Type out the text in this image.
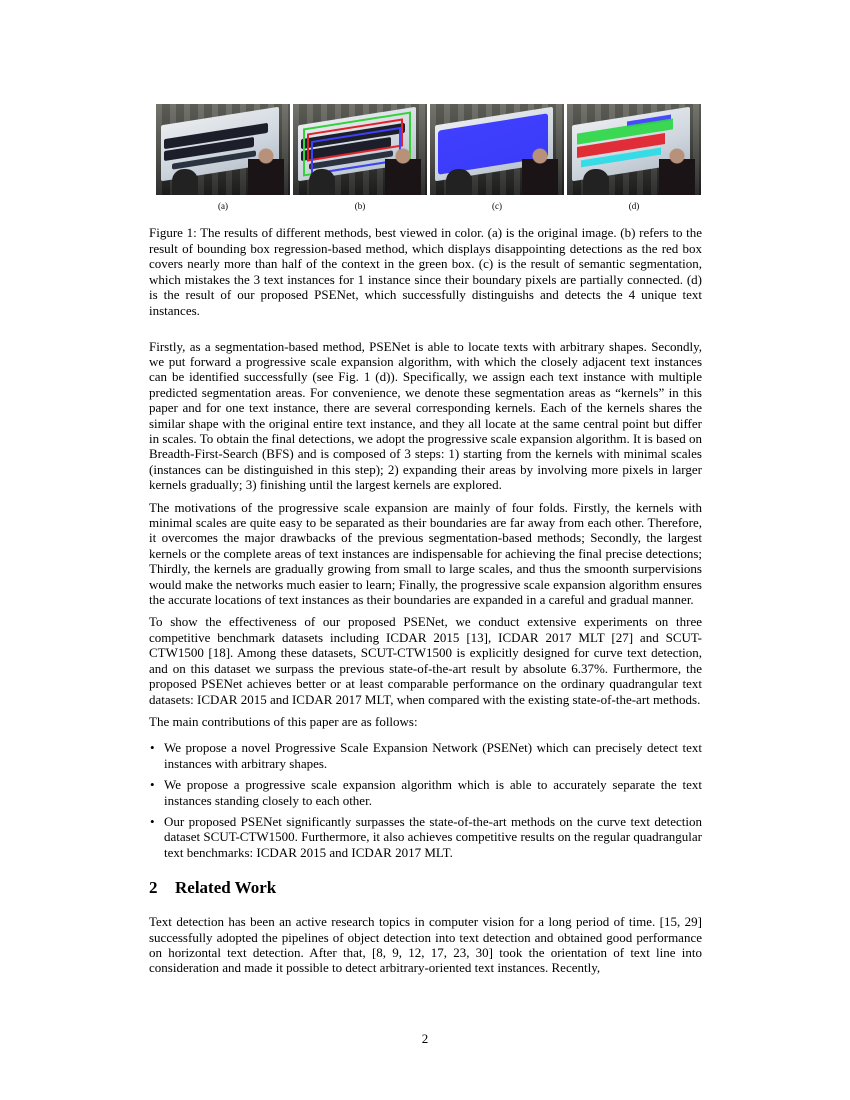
(a)	(b)	(c)	(d)
Figure 1: The results of different methods, best viewed in color. (a) is the original image. (b) refers to the result of bounding box regression-based method, which displays disappointing detections as the red box covers nearly more than half of the context in the green box. (c) is the result of semantic segmentation, which mistakes the 3 text instances for 1 instance since their boundary pixels are partially connected. (d) is the result of our proposed PSENet, which successfully distinguishs and detects the 4 unique text instances.

Firstly, as a segmentation-based method, PSENet is able to locate texts with arbitrary shapes. Secondly, we put forward a progressive scale expansion algorithm, with which the closely adjacent text instances can be identified successfully (see Fig. 1 (d)). Specifically, we assign each text instance with multiple predicted segmentation areas. For convenience, we denote these segmentation areas as “kernels” in this paper and for one text instance, there are several corresponding kernels. Each of the kernels shares the similar shape with the original entire text instance, and they all locate at the same central point but differ in scales. To obtain the final detections, we adopt the progressive scale expansion algorithm. It is based on Breadth-First-Search (BFS) and is composed of 3 steps: 1) starting from the kernels with minimal scales (instances can be distinguished in this step); 2) expanding their areas by involving more pixels in larger kernels gradually; 3) finishing until the largest kernels are explored.

The motivations of the progressive scale expansion are mainly of four folds. Firstly, the kernels with minimal scales are quite easy to be separated as their boundaries are far away from each other. Therefore, it overcomes the major drawbacks of the previous segmentation-based methods; Secondly, the largest kernels or the complete areas of text instances are indispensable for achieving the final precise detections; Thirdly, the kernels are gradually growing from small to large scales, and thus the smoonth surpervisions would make the networks much easier to learn; Finally, the progressive scale expansion algorithm ensures the accurate locations of text instances as their boundaries are expanded in a careful and gradual manner.

To show the effectiveness of our proposed PSENet, we conduct extensive experiments on three competitive benchmark datasets including ICDAR 2015 [13], ICDAR 2017 MLT [27] and SCUT-CTW1500 [18]. Among these datasets, SCUT-CTW1500 is explicitly designed for curve text detection, and on this dataset we surpass the previous state-of-the-art result by absolute 6.37%. Furthermore, the proposed PSENet achieves better or at least comparable performance on the ordinary quadrangular text datasets: ICDAR 2015 and ICDAR 2017 MLT, when compared with the existing state-of-the-art methods.

The main contributions of this paper are as follows:

• We propose a novel Progressive Scale Expansion Network (PSENet) which can precisely detect text instances with arbitrary shapes.
• We propose a progressive scale expansion algorithm which is able to accurately separate the text instances standing closely to each other.
• Our proposed PSENet significantly surpasses the state-of-the-art methods on the curve text detection dataset SCUT-CTW1500. Furthermore, it also achieves competitive results on the regular quadrangular text benchmarks: ICDAR 2015 and ICDAR 2017 MLT.
2 Related Work

Text detection has been an active research topics in computer vision for a long period of time. [15, 29] successfully adopted the pipelines of object detection into text detection and obtained good performance on horizontal text detection. After that, [8, 9, 12, 17, 23, 30] took the orientation of text line into consideration and made it possible to detect arbitrary-oriented text instances. Recently,

2
